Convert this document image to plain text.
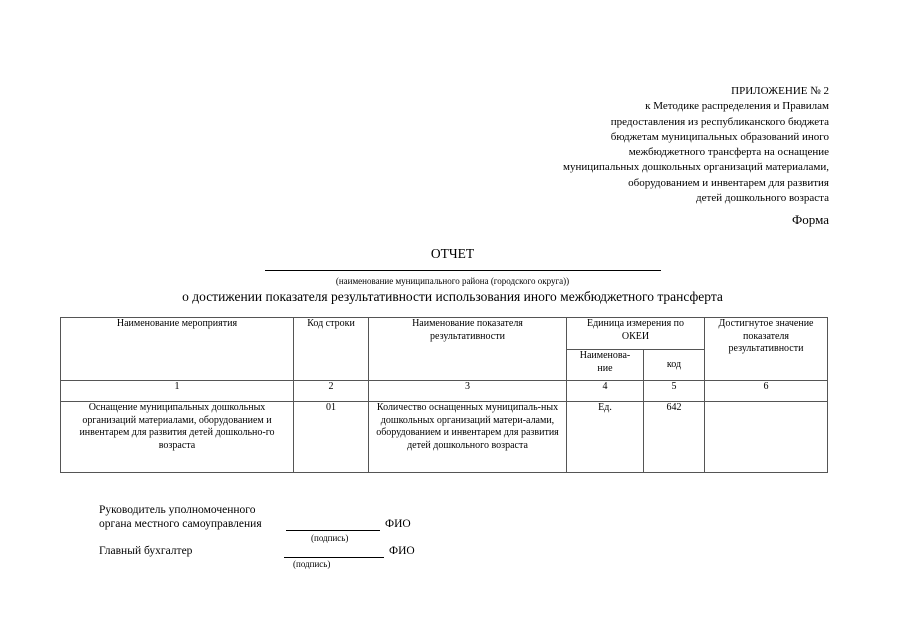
ПРИЛОЖЕНИЕ № 2
к Методике распределения и Правилам
предоставления из республиканского бюджета
бюджетам муниципальных образований иного
межбюджетного трансферта на оснащение
муниципальных дошкольных организаций материалами,
оборудованием и инвентарем для развития
детей дошкольного возраста
Форма
ОТЧЕТ
(наименование муниципального района (городского округа))
о достижении показателя результативности использования иного межбюджетного трансферта
Наименование мероприятия	Код строки	Наименование показателя результативности	Единица измерения по ОКЕИ		Достигнутое значение показателя результативности
			Наименова-ние	код	
1	2	3	4	5	6
Оснащение муниципальных дошкольных организаций материалами, оборудованием и инвентарем для развития детей дошкольно-го возраста	01	Количество оснащенных муниципаль-ных дошкольных организаций матери-алами, оборудованием и инвентарем для развития детей дошкольного возраста	Ед.	642	
Руководитель уполномоченного
органа местного самоуправления	ФИО
(подпись)
Главный бухгалтер	ФИО
(подпись)
